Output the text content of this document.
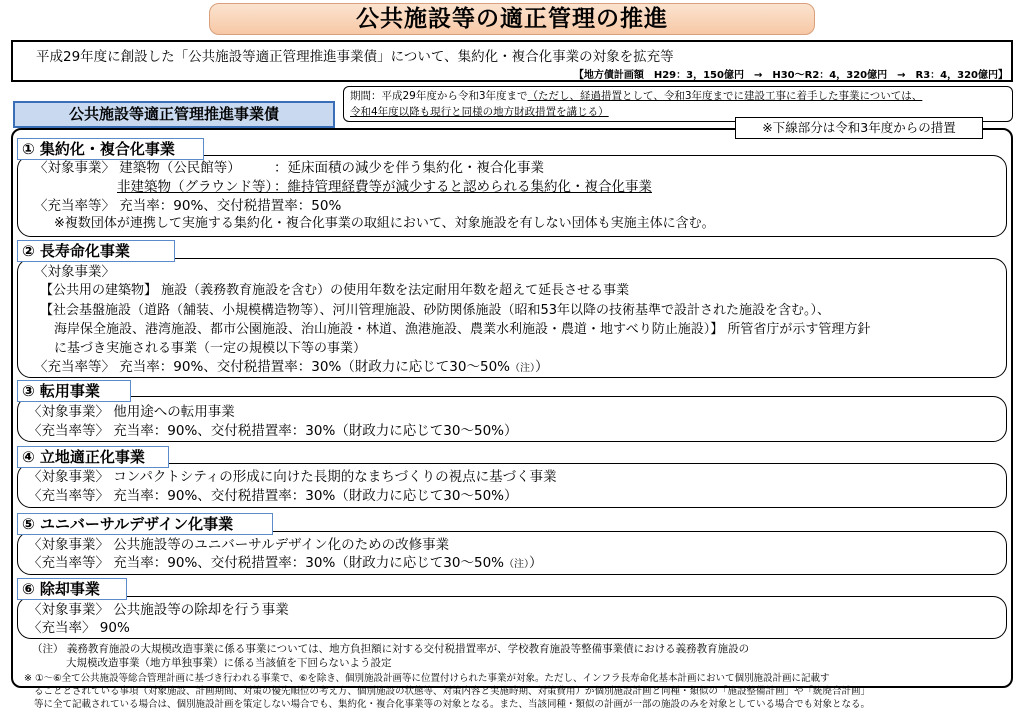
公共施設等の適正管理の推進
平成29年度に創設した「公共施設等適正管理推進事業債」について、集約化・複合化事業の対象を拡充等
【地方債計画額　H29：3，150億円　→　H30～R2：4，320億円　→　R3：4，320億円】
期間：平成29年度から令和3年度まで（ただし、経過措置として、令和3年度までに建設工事に着手した事業については、
令和4年度以降も現行と同様の地方財政措置を講じる）
公共施設等適正管理推進事業債
※下線部分は令和3年度からの措置
① 集約化・複合化事業
〈対象事業〉 建築物（公民館等） ：延床面積の減少を伴う集約化・複合化事業
非建築物（グラウンド等）
：維持管理経費等が減少すると認められる集約化・複合化事業
〈充当率等〉 充当率：90%、交付税措置率：50%
※複数団体が連携して実施する集約化・複合化事業の取組において、対象施設を有しない団体も実施主体に含む。
② 長寿命化事業
〈対象事業〉
【公共用の建築物】 施設（義務教育施設を含む）の使用年数を法定耐用年数を超えて延長させる事業
【社会基盤施設（道路（舗装、小規模構造物等）、河川管理施設、砂防関係施設（昭和53年以降の技術基準で設計された施設を含む。）、
海岸保全施設、港湾施設、都市公園施設、治山施設・林道、漁港施設、農業水利施設・農道・地すべり防止施設）】 所管省庁が示す管理方針
に基づき実施される事業（一定の規模以下等の事業）
〈充当率等〉 充当率：90%、交付税措置率：30%（財政力に応じて30～50%（注））
③ 転用事業
〈対象事業〉 他用途への転用事業
〈充当率等〉 充当率：90%、交付税措置率：30%（財政力に応じて30～50%）
④ 立地適正化事業
〈対象事業〉 コンパクトシティの形成に向けた長期的なまちづくりの視点に基づく事業
〈充当率等〉 充当率：90%、交付税措置率：30%（財政力に応じて30～50%）
⑤ ユニバーサルデザイン化事業
〈対象事業〉 公共施設等のユニバーサルデザイン化のための改修事業
〈充当率等〉 充当率：90%、交付税措置率：30%（財政力に応じて30～50%（注））
⑥ 除却事業
〈対象事業〉 公共施設等の除却を行う事業
〈充当率〉 90%
（注） 義務教育施設の大規模改造事業に係る事業については、地方負担額に対する交付税措置率が、学校教育施設等整備事業債における義務教育施設の
大規模改造事業（地方単独事業）に係る当該値を下回らないよう設定
※ ①～⑥全て公共施設等総合管理計画に基づき行われる事業で、⑥を除き、個別施設計画等に位置付けられた事業が対象。ただし、インフラ長寿命化基本計画において個別施設計画に記載す
ることとされている事項（対象施設、計画期間、対策の優先順位の考え方、個別施設の状態等、対策内容と実施時期、対策費用）が個別施設計画と同種・類似の「施設整備計画」や「統廃合計画」
等に全て記載されている場合は、個別施設計画を策定しない場合でも、集約化・複合化事業等の対象となる。また、当該同種・類似の計画が一部の施設のみを対象としている場合でも対象となる。
